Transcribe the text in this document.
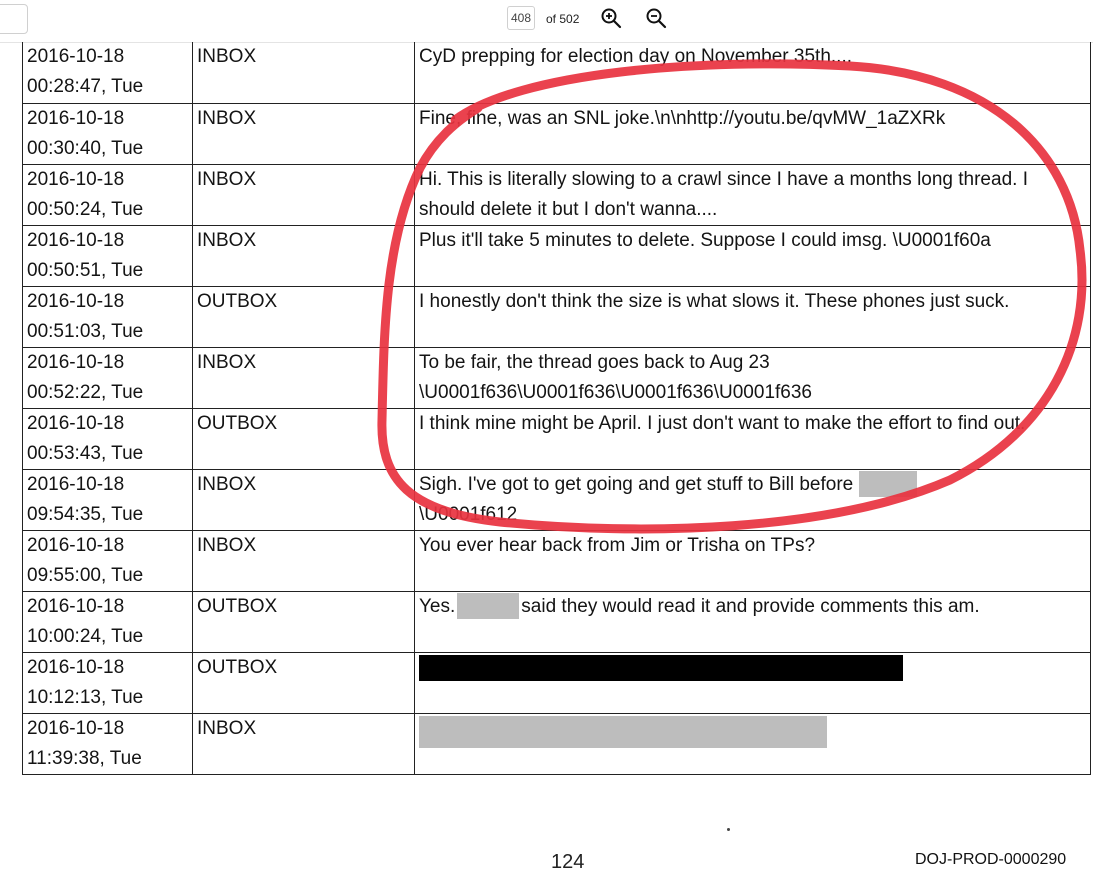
408
of 502
2016-10-18
00:28:47, Tue	INBOX	CyD prepping for election day on November 35th....

2016-10-18
00:30:40, Tue	INBOX	Fine, fine, was an SNL joke.\n\nhttp://youtu.be/qvMW_1aZXRk

2016-10-18
00:50:24, Tue	INBOX	Hi. This is literally slowing to a crawl since I have a months long thread. I should delete it but I don't wanna....

2016-10-18
00:50:51, Tue	INBOX	Plus it'll take 5 minutes to delete. Suppose I could imsg. \U0001f60a

2016-10-18
00:51:03, Tue	OUTBOX	I honestly don't think the size is what slows it. These phones just suck.

2016-10-18
00:52:22, Tue	INBOX	To be fair, the thread goes back to Aug 23 \U0001f636\U0001f636\U0001f636\U0001f636

2016-10-18
00:53:43, Tue	OUTBOX	I think mine might be April. I just don't want to make the effort to find out.

2016-10-18
09:54:35, Tue	INBOX	Sigh. I've got to get going and get stuff to Bill before
\U0001f612

2016-10-18
09:55:00, Tue	INBOX	You ever hear back from Jim or Trisha on TPs?

2016-10-18
10:00:24, Tue	OUTBOX	Yes. said they would read it and provide comments this am.

2016-10-18
10:12:13, Tue	OUTBOX	

2016-10-18
11:39:38, Tue	INBOX	
124	DOJ-PROD-0000290
